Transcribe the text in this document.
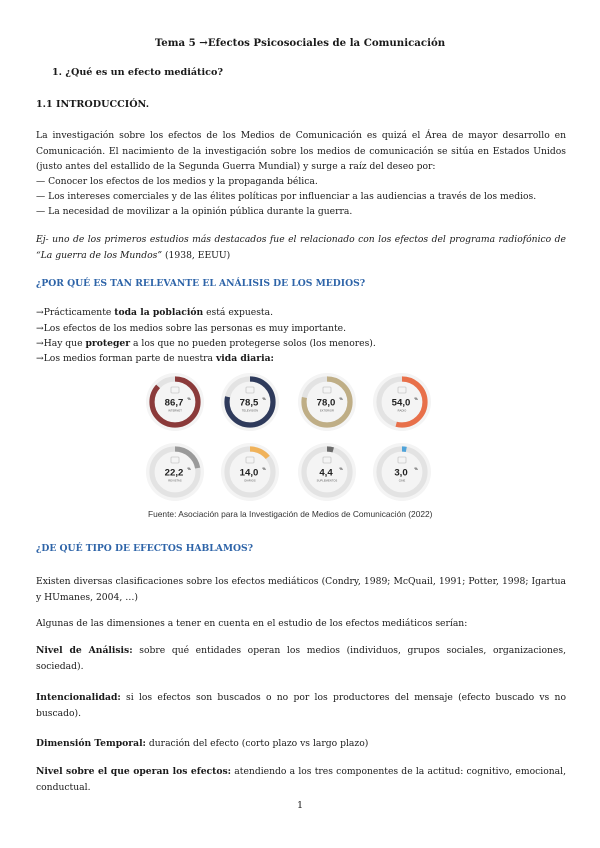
Tema 5 →Efectos Psicosociales de la Comunicación
1. ¿Qué es un efecto mediático?
1.1 INTRODUCCIÓN.
La investigación sobre los efectos de los Medios de Comunicación es quizá el Área de mayor desarrollo en Comunicación. El nacimiento de la investigación sobre los medios de comunicación se sitúa en Estados Unidos (justo antes del estallido de la Segunda Guerra Mundial) y surge a raíz del deseo por:
— Conocer los efectos de los medios y la propaganda bélica.
— Los intereses comerciales y de las élites políticas por influenciar a las audiencias a través de los medios.
— La necesidad de movilizar a la opinión pública durante la guerra.
Ej- uno de los primeros estudios más destacados fue el relacionado con los efectos del programa radiofónico de “La guerra de los Mundos” (1938, EEUU)
¿POR QUÉ ES TAN RELEVANTE EL ANÁLISIS DE LOS MEDIOS?
→Prácticamente toda la población está expuesta.
→Los efectos de los medios sobre las personas es muy importante.
→Hay que proteger a los que no pueden protegerse solos (los menores).
→Los medios forman parte de nuestra vida diaria:
86,7 %
INTERNET
78,5 %
TELEVISIÓN
78,0 %
EXTERIOR
54,0 %
RADIO
22,2 %
REVISTAS
14,0 %
DIARIOS
4,4 %
SUPLEMENTOS
3,0 %
CINE
Fuente: Asociación para la Investigación de Medios de Comunicación (2022)
¿DE QUÉ TIPO DE EFECTOS HABLAMOS?
Existen diversas clasificaciones sobre los efectos mediáticos (Condry, 1989; McQuail, 1991; Potter, 1998; Igartua y HUmanes, 2004, …)
Algunas de las dimensiones a tener en cuenta en el estudio de los efectos mediáticos serían:
Nivel de Análisis: sobre qué entidades operan los medios (individuos, grupos sociales, organizaciones, sociedad).
Intencionalidad: si los efectos son buscados o no por los productores del mensaje (efecto buscado vs no buscado).
Dimensión Temporal: duración del efecto (corto plazo vs largo plazo)
Nivel sobre el que operan los efectos: atendiendo a los tres componentes de la actitud: cognitivo, emocional, conductual.
1
